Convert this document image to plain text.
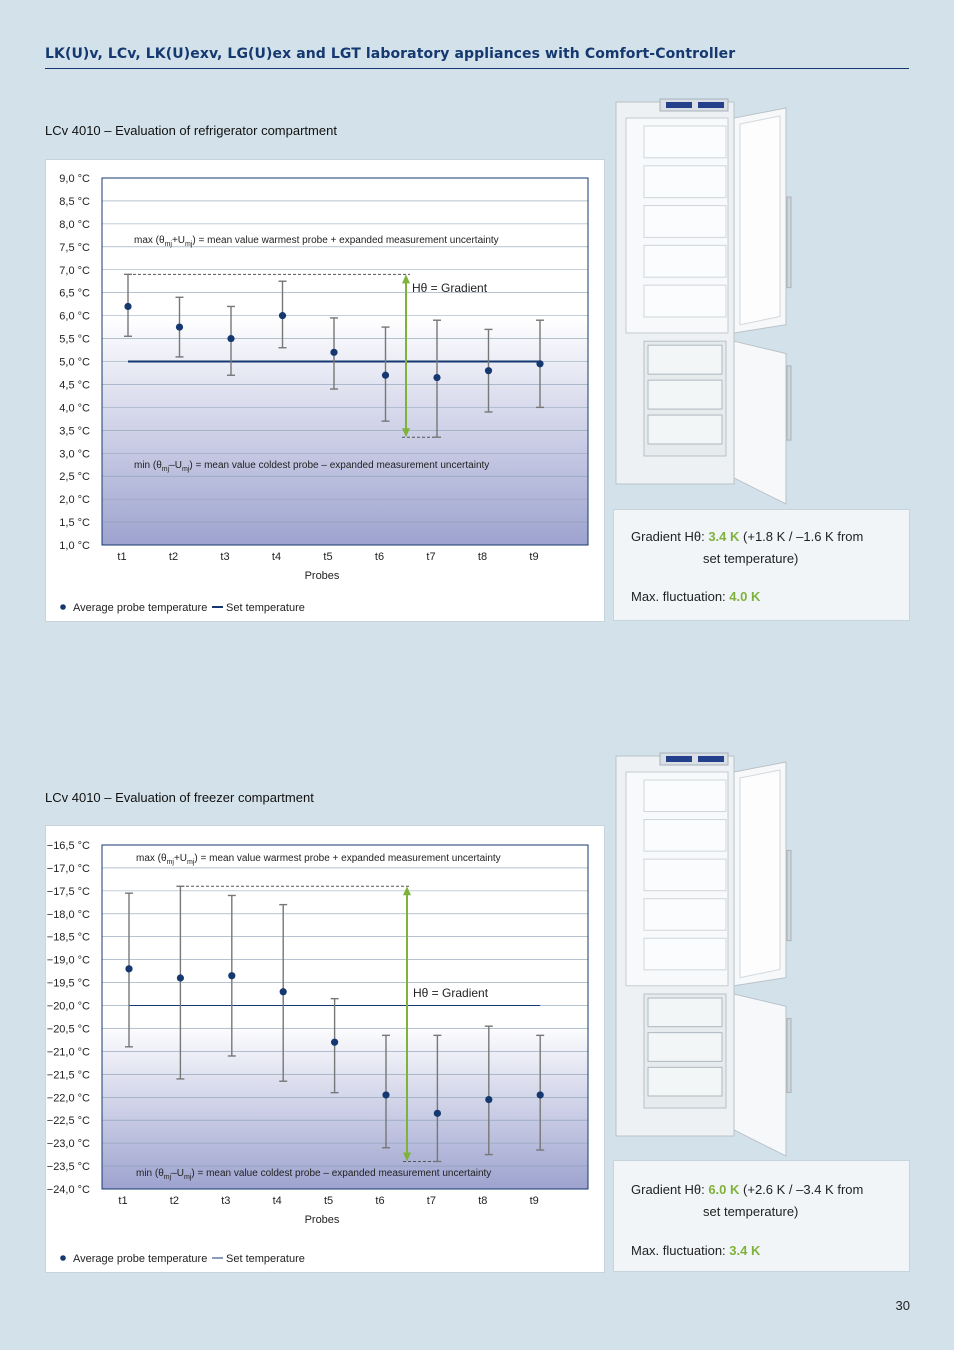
LK(U)v, LCv, LK(U)exv, LG(U)ex and LGT laboratory appliances with Comfort-Controller
LCv 4010 – Evaluation of refrigerator compartment
9,0 °C
8,5 °C
8,0 °C
7,5 °C
7,0 °C
6,5 °C
6,0 °C
5,5 °C
5,0 °C
4,5 °C
4,0 °C
3,5 °C
3,0 °C
2,5 °C
2,0 °C
1,5 °C
1,0 °C
Hθ = Gradient
t1	t2	t3	t4	t5	t6	t7	t8	t9
$\max (\theta_{mj}+U_{mj})$ = mean value warmest probe + expanded measurement uncertainty
$\min (\theta_{mj}-U_{mj})$ = mean value coldest probe – expanded measurement uncertainty
Probes
Average probe temperature Set temperature
Gradient Hθ: 3.4 K (+1.8 K / –1.6 K from
set temperature)
Max. fluctuation: 4.0 K
LCv 4010 – Evaluation of freezer compartment
−16,5 °C
−17,0 °C
−17,5 °C
−18,0 °C
−18,5 °C
−19,0 °C
−19,5 °C
−20,0 °C
−20,5 °C
−21,0 °C
−21,5 °C
−22,0 °C
−22,5 °C
−23,0 °C
−23,5 °C
−24,0 °C
Hθ = Gradient
t1	t2	t3	t4	t5	t6	t7	t8	t9
$\max (\theta_{mj}+U_{mj})$ = mean value warmest probe + expanded measurement uncertainty
$\min (\theta_{mj}-U_{mj})$ = mean value coldest probe – expanded measurement uncertainty
Probes
Average probe temperature Set temperature
Gradient Hθ: 6.0 K (+2.6 K / –3.4 K from
set temperature)
Max. fluctuation: 3.4 K
30
